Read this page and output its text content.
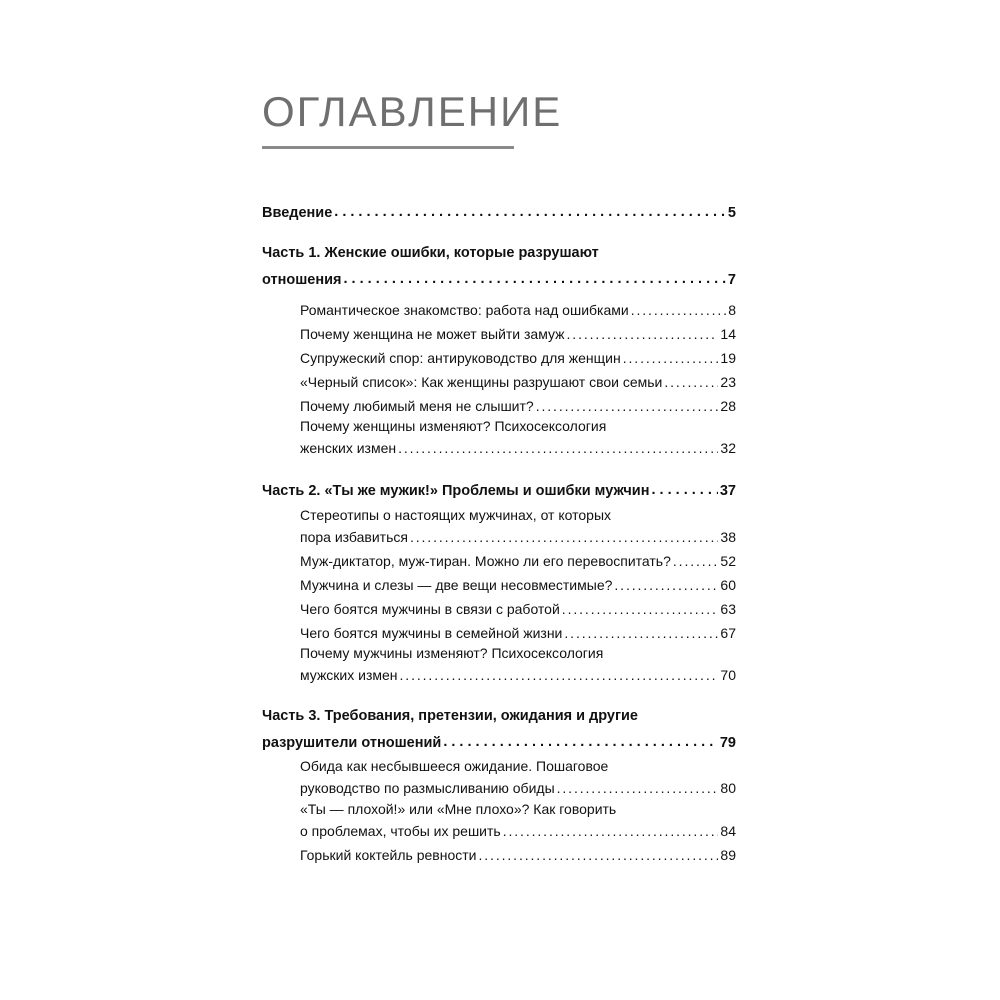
ОГЛАВЛЕНИЕ
Введение . . .	5
Часть 1. Женские ошибки, которые разрушают
отношения . . .	7
Романтическое знакомство: работа над ошибками . . .	8
Почему женщина не может выйти замуж . . .	14
Супружеский спор: антируководство для женщин . . .	19
«Черный список»: Как женщины разрушают свои семьи . . .	23
Почему любимый меня не слышит? . . .	28
Почему женщины изменяют? Психосексология
женских измен . . .	32
Часть 2. «Ты же мужик!» Проблемы и ошибки мужчин . . .	37
Стереотипы о настоящих мужчинах, от которых
пора избавиться . . .	38
Муж-диктатор, муж-тиран. Можно ли его перевоспитать? . . .	52
Мужчина и слезы — две вещи несовместимые? . . .	60
Чего боятся мужчины в связи с работой . . .	63
Чего боятся мужчины в семейной жизни . . .	67
Почему мужчины изменяют? Психосексология
мужских измен . . .	70
Часть 3. Требования, претензии, ожидания и другие
разрушители отношений . . .	79
Обида как несбывшееся ожидание. Пошаговое
руководство по размысливанию обиды . . .	80
«Ты — плохой!» или «Мне плохо»? Как говорить
о проблемах, чтобы их решить . . .	84
Горький коктейль ревности . . .	89
